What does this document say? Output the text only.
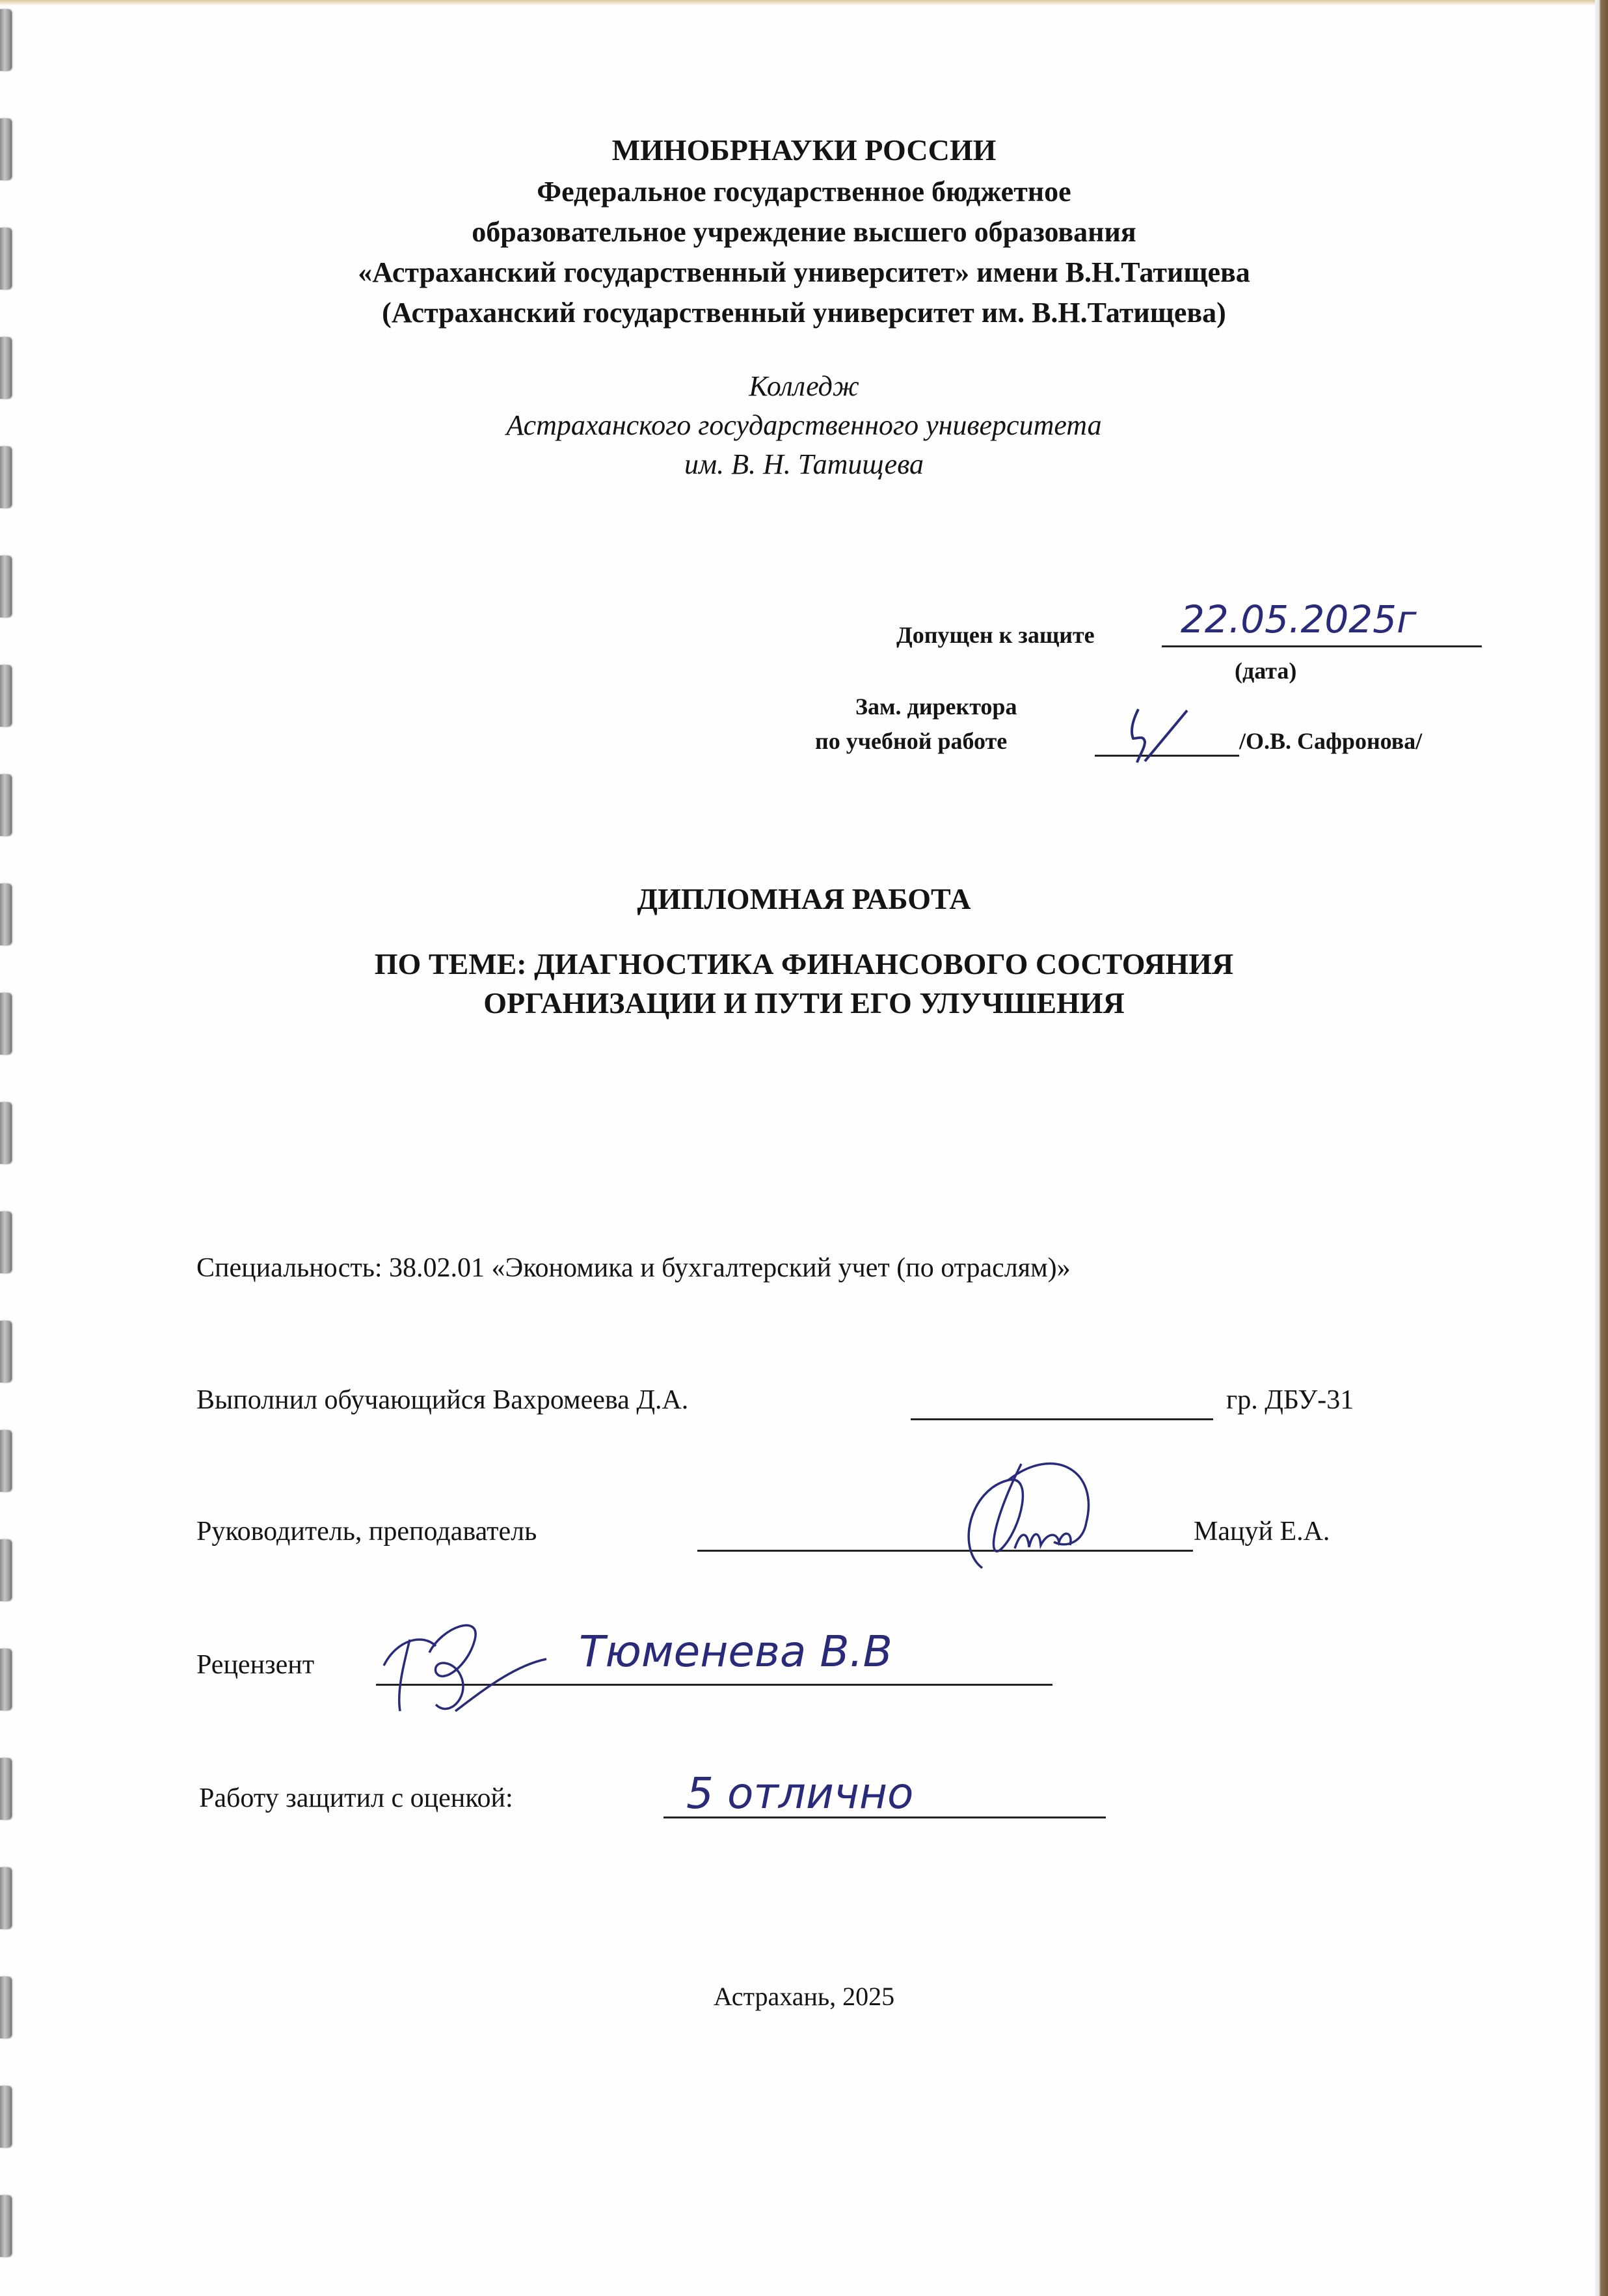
МИНОБРНАУКИ РОССИИ
Федеральное государственное бюджетное
образовательное учреждение высшего образования
«Астраханский государственный университет» имени В.Н.Татищева
(Астраханский государственный университет им. В.Н.Татищева)
Колледж
Астраханского государственного университета
им. В. Н. Татищева
Допущен к защите 22.05.2025г
(дата)
Зам. директора
по учебной работе	/О.В. Сафронова/
ДИПЛОМНАЯ РАБОТА
ПО ТЕМЕ: ДИАГНОСТИКА ФИНАНСОВОГО СОСТОЯНИЯ
ОРГАНИЗАЦИИ И ПУТИ ЕГО УЛУЧШЕНИЯ
Специальность: 38.02.01 «Экономика и бухгалтерский учет (по отраслям)»
Выполнил обучающийся Вахромеева Д.А.	гр. ДБУ-31
Руководитель, преподаватель	Мацуй Е.А.
Рецензент	Тюменева В.В
Работу защитил с оценкой:	5 отлично
Астрахань, 2025
